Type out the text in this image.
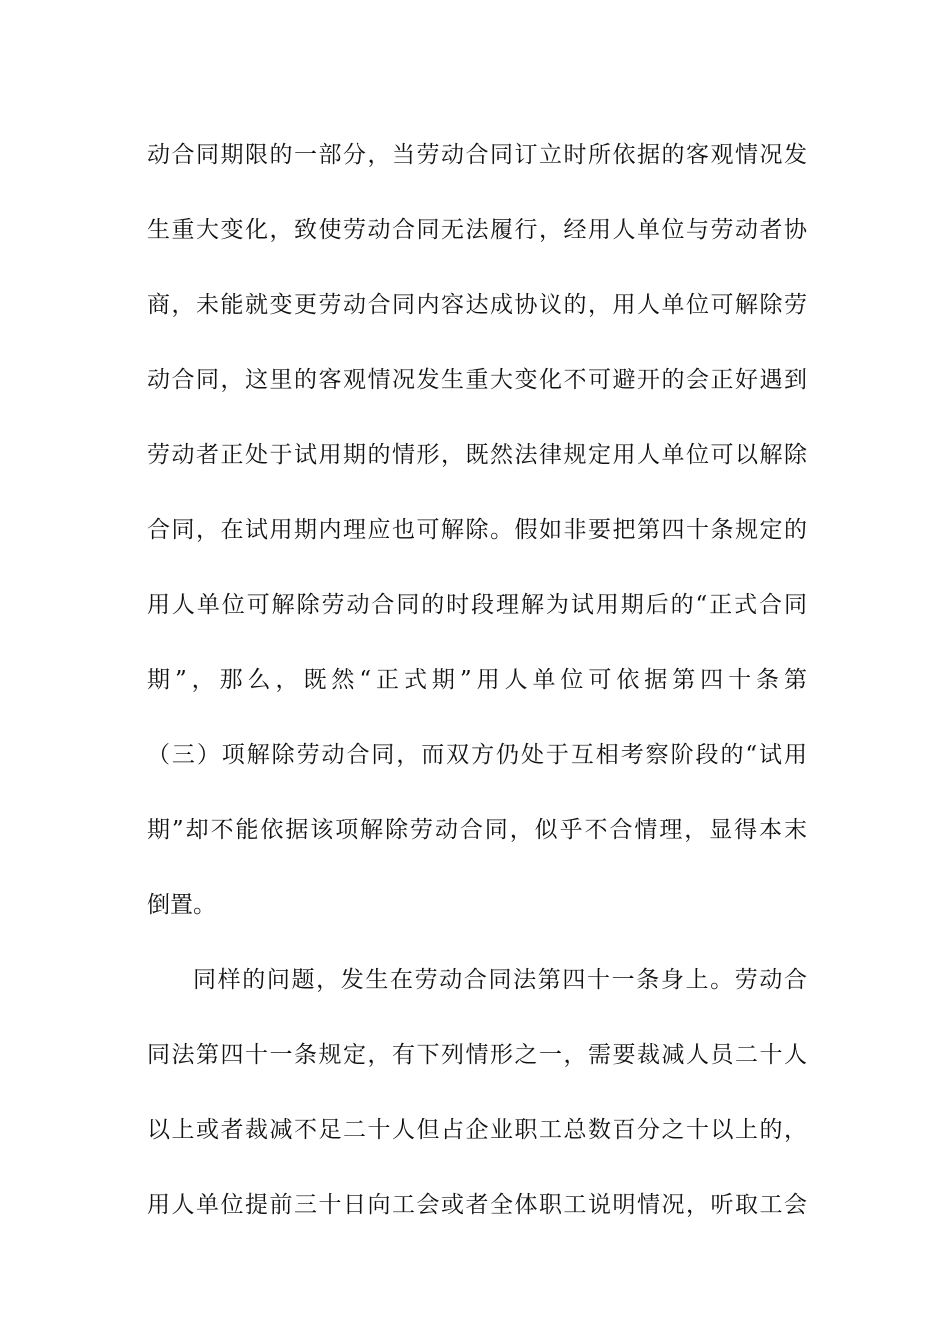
动合同期限的一部分，当劳动合同订立时所依据的客观情况发
生重大变化，致使劳动合同无法履行，经用人单位与劳动者协
商，未能就变更劳动合同内容达成协议的，用人单位可解除劳
动合同，这里的客观情况发生重大变化不可避开的会正好遇到
劳动者正处于试用期的情形，既然法律规定用人单位可以解除
合同，在试用期内理应也可解除。假如非要把第四十条规定的
用人单位可解除劳动合同的时段理解为试用期后的“正式合同
期”，那么，既然“正式期”用人单位可依据第四十条第
（三）项解除劳动合同，而双方仍处于互相考察阶段的“试用
期”却不能依据该项解除劳动合同，似乎不合情理，显得本末
倒置。
同样的问题，发生在劳动合同法第四十一条身上。劳动合
同法第四十一条规定，有下列情形之一，需要裁减人员二十人
以上或者裁减不足二十人但占企业职工总数百分之十以上的，
用人单位提前三十日向工会或者全体职工说明情况，听取工会
